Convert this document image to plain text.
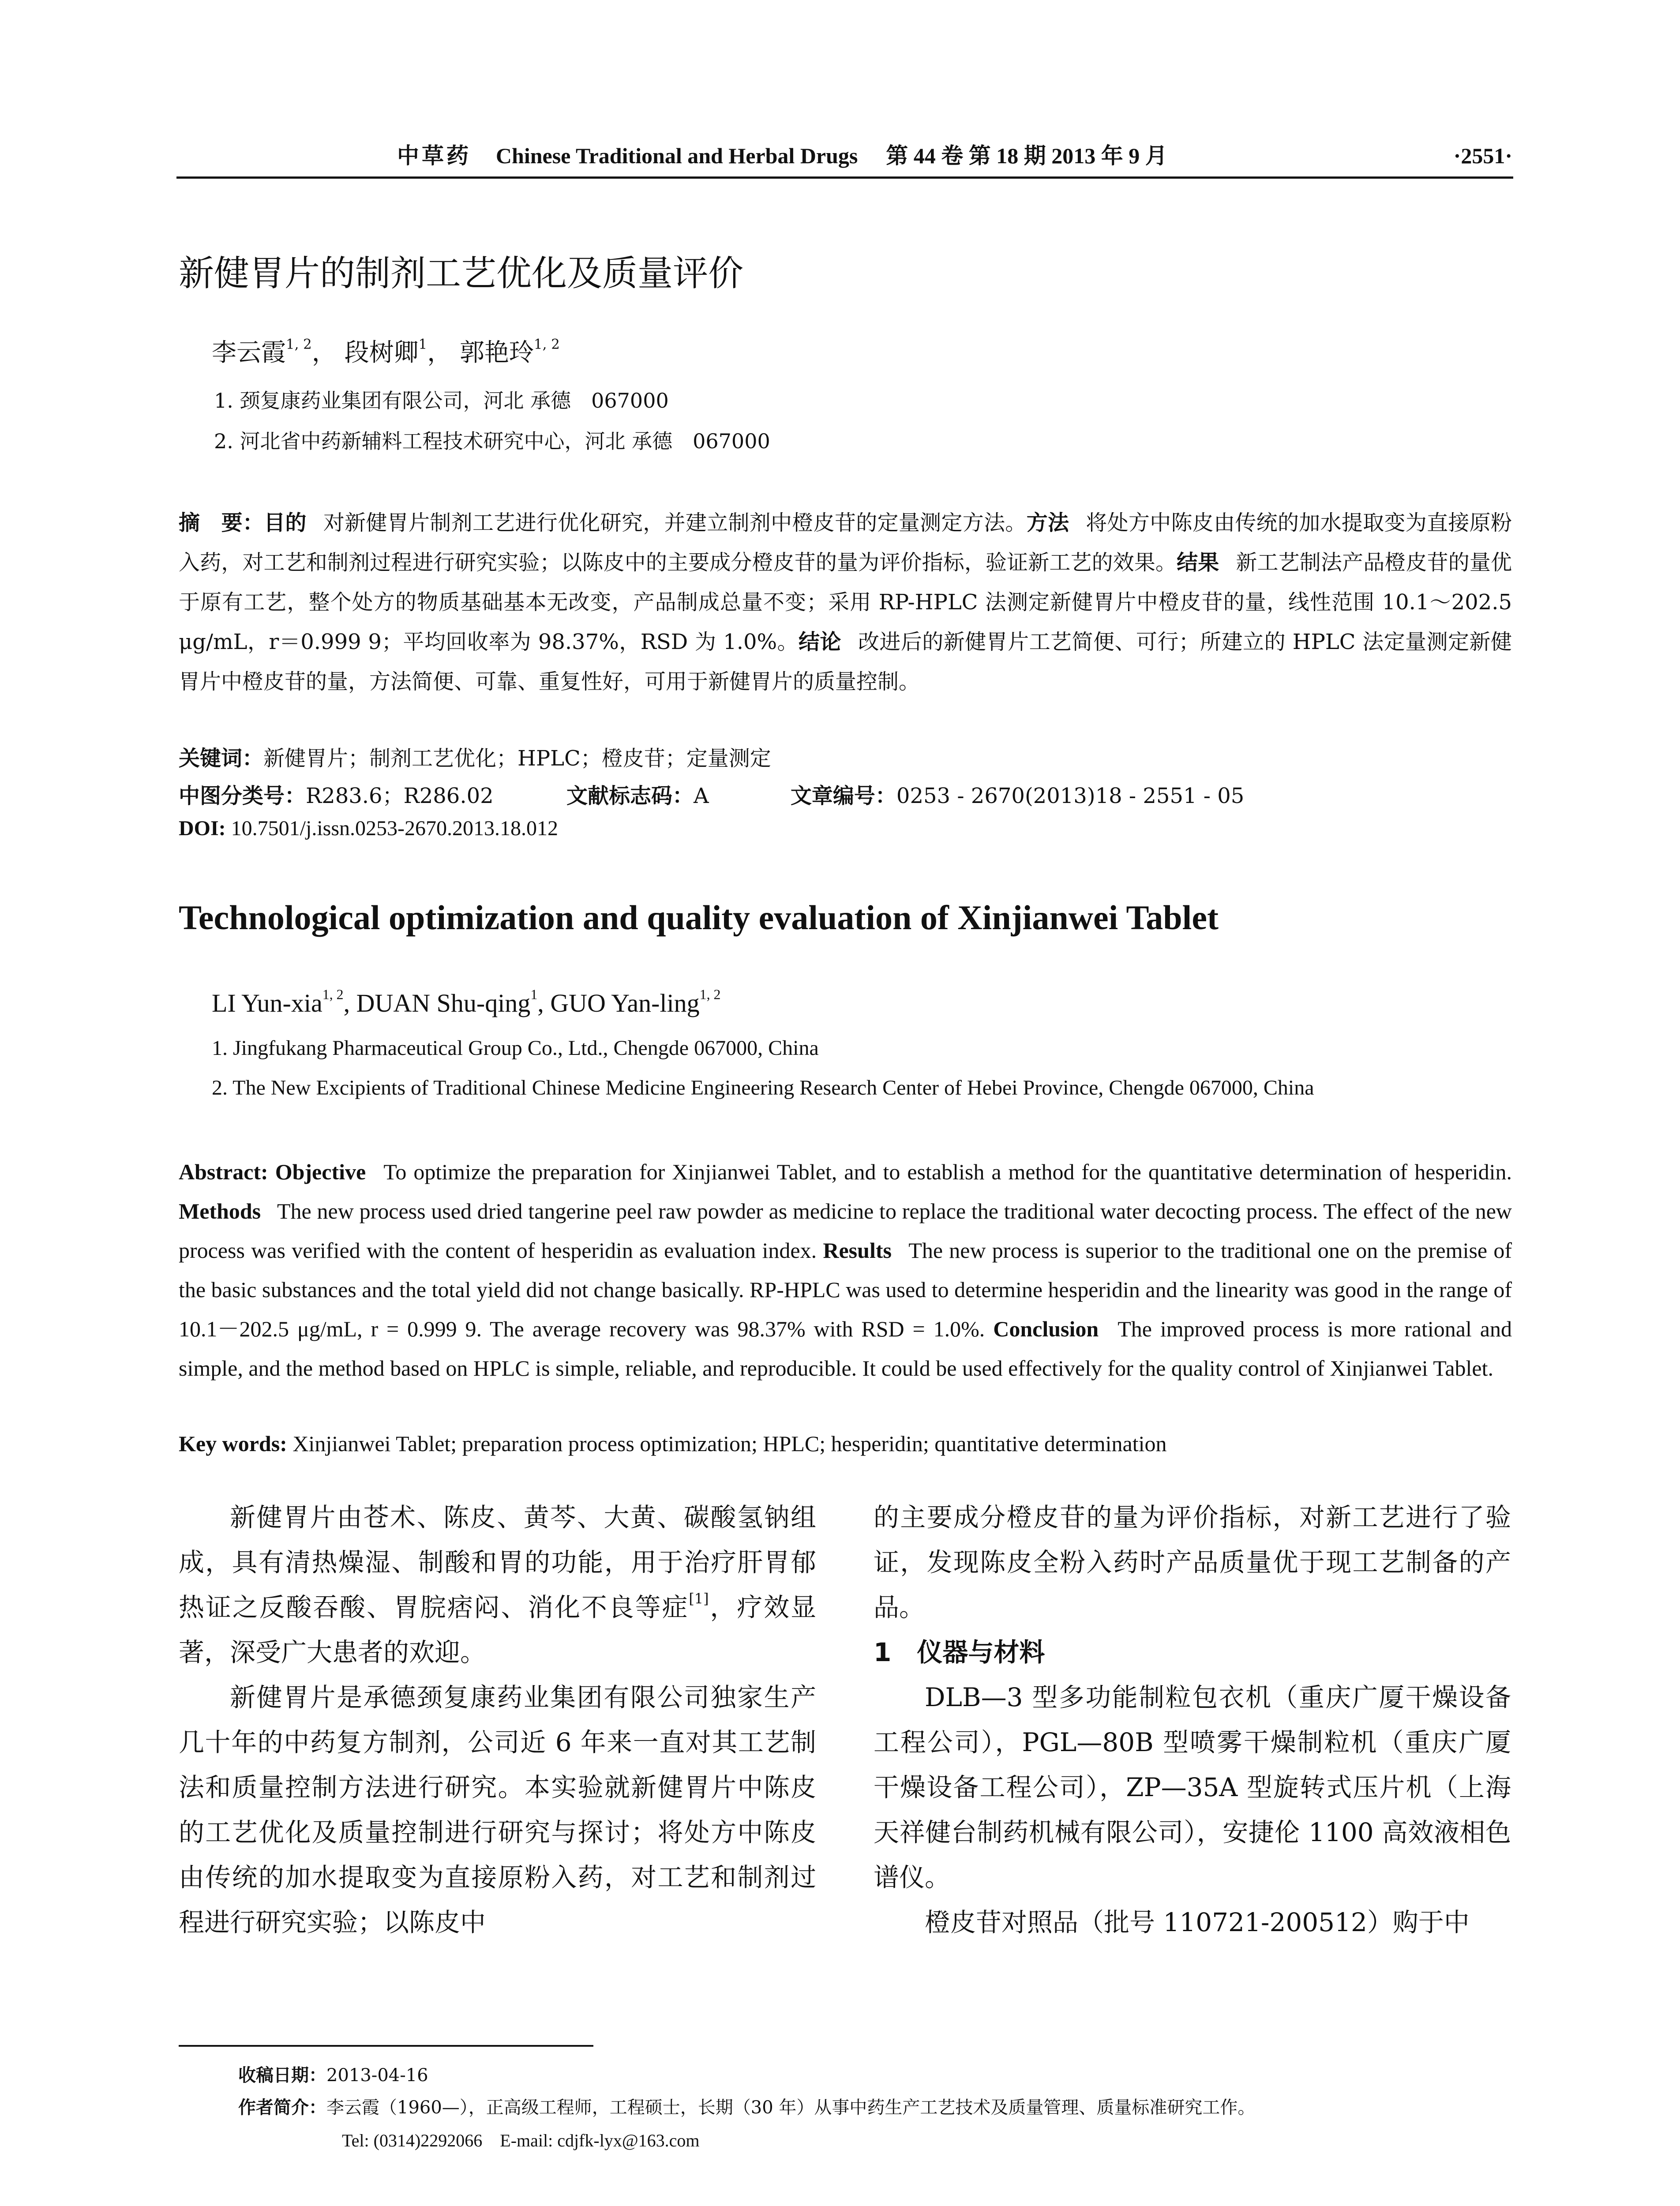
中草药 Chinese Traditional and Herbal Drugs 第 44 卷 第 18 期 2013 年 9 月	·2551·
新健胃片的制剂工艺优化及质量评价
李云霞$^{1, 2}$， 段树卿$^1$， 郭艳玲$^{1, 2}$
1. 颈复康药业集团有限公司，河北 承德　067000
2. 河北省中药新辅料工程技术研究中心，河北 承德　067000
摘　要：目的 对新健胃片制剂工艺进行优化研究，并建立制剂中橙皮苷的定量测定方法。方法 将处方中陈皮由传统的加水提取变为直接原粉入药，对工艺和制剂过程进行研究实验；以陈皮中的主要成分橙皮苷的量为评价指标，验证新工艺的效果。结果 新工艺制法产品橙皮苷的量优于原有工艺，整个处方的物质基础基本无改变，产品制成总量不变；采用 RP-HPLC 法测定新健胃片中橙皮苷的量，线性范围 10.1～202.5 μg/mL，r＝0.999 9；平均回收率为 98.37%，RSD 为 1.0%。结论 改进后的新健胃片工艺简便、可行；所建立的 HPLC 法定量测定新健胃片中橙皮苷的量，方法简便、可靠、重复性好，可用于新健胃片的质量控制。
关键词：新健胃片；制剂工艺优化；HPLC；橙皮苷；定量测定
中图分类号：R283.6；R286.02	文献标志码：A	文章编号：0253 - 2670(2013)18 - 2551 - 05
DOI: 10.7501/j.issn.0253-2670.2013.18.012
Technological optimization and quality evaluation of Xinjianwei Tablet
LI Yun-xia$^{1, 2}$, DUAN Shu-qing$^1$, GUO Yan-ling$^{1, 2}$
1. Jingfukang Pharmaceutical Group Co., Ltd., Chengde 067000, China
2. The New Excipients of Traditional Chinese Medicine Engineering Research Center of Hebei Province, Chengde 067000, China
Abstract: Objective  To optimize the preparation for Xinjianwei Tablet, and to establish a method for the quantitative determination of hesperidin. Methods  The new process used dried tangerine peel raw powder as medicine to replace the traditional water decocting process. The effect of the new process was verified with the content of hesperidin as evaluation index. Results  The new process is superior to the traditional one on the premise of the basic substances and the total yield did not change basically. RP-HPLC was used to determine hesperidin and the linearity was good in the range of 10.1－202.5 μg/mL, r = 0.999 9. The average recovery was 98.37% with RSD = 1.0%. Conclusion  The improved process is more rational and simple, and the method based on HPLC is simple, reliable, and reproducible. It could be used effectively for the quality control of Xinjianwei Tablet.
Key words: Xinjianwei Tablet; preparation process optimization; HPLC; hesperidin; quantitative determination

新健胃片由苍术、陈皮、黄芩、大黄、碳酸氢钠组成，具有清热燥湿、制酸和胃的功能，用于治疗肝胃郁热证之反酸吞酸、胃脘痞闷、消化不良等症[1]，疗效显著，深受广大患者的欢迎。

新健胃片是承德颈复康药业集团有限公司独家生产几十年的中药复方制剂，公司近 6 年来一直对其工艺制法和质量控制方法进行研究。本实验就新健胃片中陈皮的工艺优化及质量控制进行研究与探讨；将处方中陈皮由传统的加水提取变为直接原粉入药，对工艺和制剂过程进行研究实验；以陈皮中

的主要成分橙皮苷的量为评价指标，对新工艺进行了验证，发现陈皮全粉入药时产品质量优于现工艺制备的产品。

1　仪器与材料

DLB—3 型多功能制粒包衣机（重庆广厦干燥设备工程公司），PGL—80B 型喷雾干燥制粒机（重庆广厦干燥设备工程公司），ZP—35A 型旋转式压片机（上海天祥健台制药机械有限公司），安捷伦 1100 高效液相色谱仪。

橙皮苷对照品（批号 110721-200512）购于中

收稿日期：2013-04-16
作者简介：李云霞（1960—），正高级工程师，工程硕士，长期（30 年）从事中药生产工艺技术及质量管理、质量标准研究工作。
Tel: (0314)2292066　E-mail: cdjfk-lyx@163.com
